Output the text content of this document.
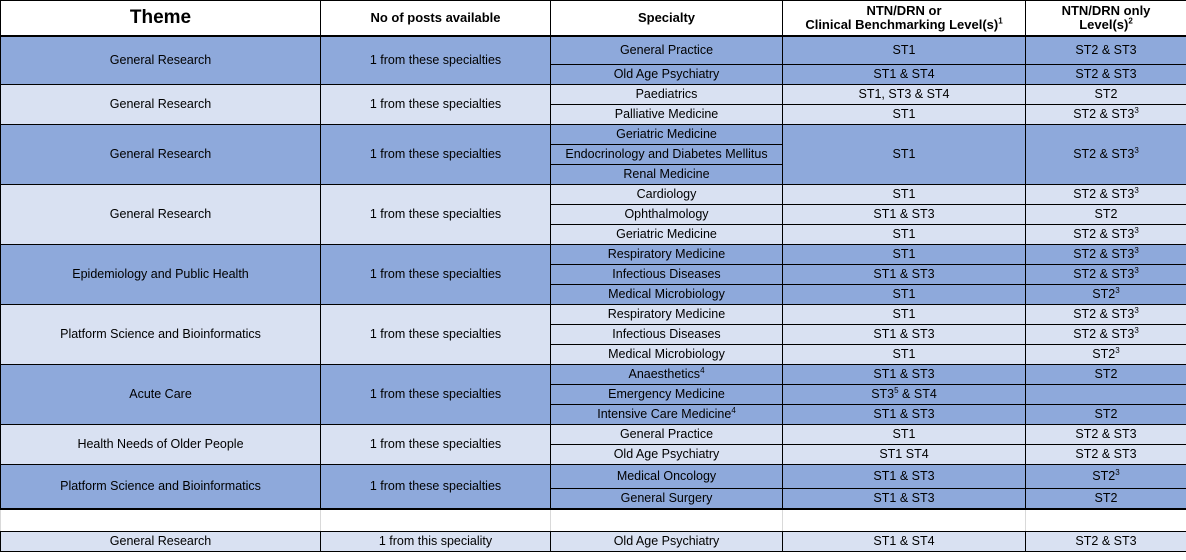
Theme	No of posts available	Specialty	NTN/DRN or
Clinical Benchmarking $Level(s)^1$	NTN/DRN only
$Level(s)^2$
General Research	1 from these specialties	General Practice	ST1	ST2 & ST3
		Old Age Psychiatry	ST1 & ST4	ST2 & ST3
General Research	1 from these specialties	Paediatrics	ST1, ST3 & ST4	ST2
		Palliative Medicine	ST1	ST2 & $ST3^3$
General Research	1 from these specialties	Geriatric Medicine	ST1	ST2 & $ST3^3$
		Endocrinology and Diabetes Mellitus		
		Renal Medicine		
General Research	1 from these specialties	Cardiology	ST1	ST2 & $ST3^3$
		Ophthalmology	ST1 & ST3	ST2
		Geriatric Medicine	ST1	ST2 & $ST3^3$
Epidemiology and Public Health	1 from these specialties	Respiratory Medicine	ST1	ST2 & $ST3^3$
		Infectious Diseases	ST1 & ST3	ST2 & $ST3^3$
		Medical Microbiology	ST1	$ST2^3$
Platform Science and Bioinformatics	1 from these specialties	Respiratory Medicine	ST1	ST2 & $ST3^3$
		Infectious Diseases	ST1 & ST3	ST2 & $ST3^3$
		Medical Microbiology	ST1	$ST2^3$
Acute Care	1 from these specialties	Anaesthetics$^4$	ST1 & ST3	ST2
		Emergency Medicine	$ST3^5$ & ST4	
		Intensive Care Medicine$^4$	ST1 & ST3	ST2
Health Needs of Older People	1 from these specialties	General Practice	ST1	ST2 & ST3
		Old Age Psychiatry	ST1 ST4	ST2 & ST3
Platform Science and Bioinformatics	1 from these specialties	Medical Oncology	ST1 & ST3	$ST2^3$
		General Surgery	ST1 & ST3	ST2

General Research	1 from this speciality	Old Age Psychiatry	ST1 & ST4	ST2 & ST3
